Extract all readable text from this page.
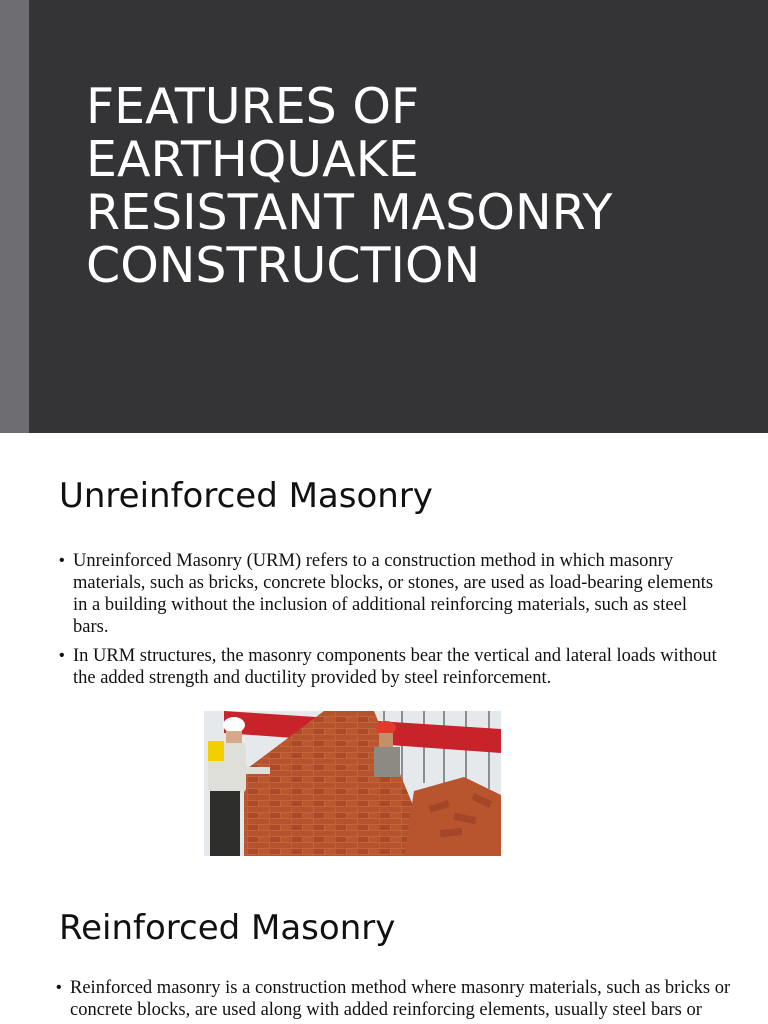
FEATURES OF
EARTHQUAKE
RESISTANT MASONRY
CONSTRUCTION
Unreinforced Masonry
• Unreinforced Masonry (URM) refers to a construction method in which masonry materials, such as bricks, concrete blocks, or stones, are used as load-bearing elements in a building without the inclusion of additional reinforcing materials, such as steel bars.
• In URM structures, the masonry components bear the vertical and lateral loads without the added strength and ductility provided by steel reinforcement.
Reinforced Masonry
• Reinforced masonry is a construction method where masonry materials, such as bricks or concrete blocks, are used along with added reinforcing elements, usually steel bars or
